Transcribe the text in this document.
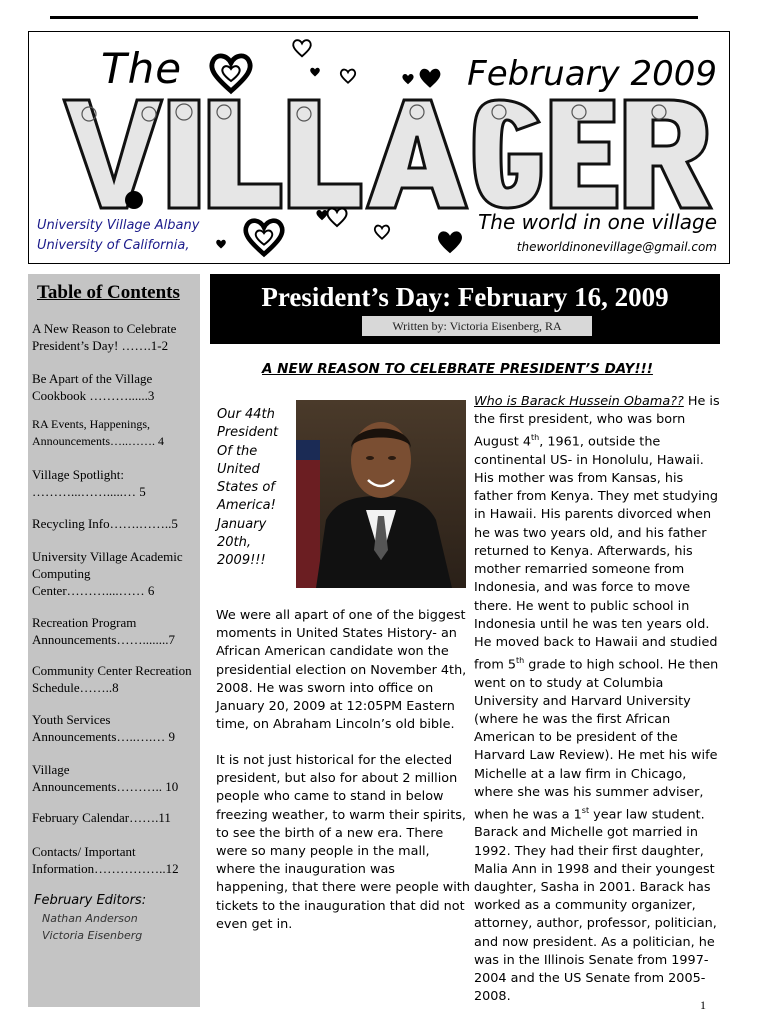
The	February 2009
University Village Albany
University of California,
The world in one village
theworldinonevillage@gmail.com
Table of Contents
A New Reason to Celebrate President’s Day! …….1-2
Be Apart of the Village Cookbook ………......3
RA Events, Happenings, Announcements…..……. 4
Village Spotlight: ………...…….....… 5
Recycling Info…….……..5
University Village Academic Computing Center………....…… 6
Recreation Program Announcements……........7
Community Center Recreation Schedule……..8
Youth Services Announcements…..….… 9
Village Announcements……….. 10
February Calendar…….11
Contacts/ Important Information……………..12
February Editors:
Nathan Anderson
Victoria Eisenberg
President’s Day: February 16, 2009
Written by: Victoria Eisenberg, RA
A NEW REASON TO CELEBRATE PRESIDENT’S DAY!!!
Our 44th President Of the United States of America! January 20th, 2009!!!
We were all apart of one of the biggest moments in United States History- an African American candidate won the presidential election on November 4th, 2008. He was sworn into office on January 20, 2009 at 12:05PM Eastern time, on Abraham Lincoln’s old bible.
It is not just historical for the elected president, but also for about 2 million people who came to stand in below freezing weather, to warm their spirits, to see the birth of a new era. There were so many people in the mall, where the inauguration was happening, that there were people with tickets to the inauguration that did not even get in.

Who is Barack Hussein Obama?? He is the first president, who was born August 4th, 1961, outside the continental US- in Honolulu, Hawaii. His mother was from Kansas, his father from Kenya. They met studying in Hawaii. His parents divorced when he was two years old, and his father returned to Kenya. Afterwards, his mother remarried someone from Indonesia, and was force to move there. He went to public school in Indonesia until he was ten years old. He moved back to Hawaii and studied from 5th grade to high school. He then went on to study at Columbia University and Harvard University (where he was the first African American to be president of the Harvard Law Review). He met his wife Michelle at a law firm in Chicago, where she was his summer adviser, when he was a 1st year law student. Barack and Michelle got married in 1992. They had their first daughter, Malia Ann in 1998 and their youngest daughter, Sasha in 2001. Barack has worked as a community organizer, attorney, author, professor, politician, and now president. As a politician, he was in the Illinois Senate from 1997-2004 and the US Senate from 2005-2008.

1
